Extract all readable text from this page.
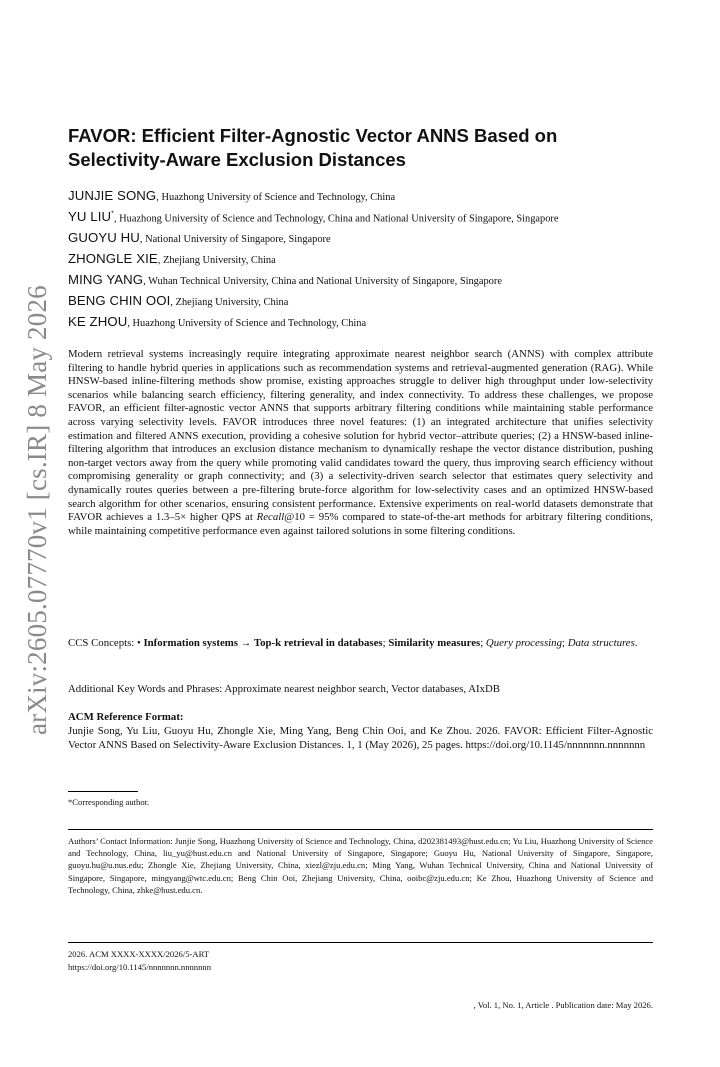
arXiv:2605.07770v1 [cs.IR] 8 May 2026
FAVOR: Efficient Filter-Agnostic Vector ANNS Based on Selectivity-Aware Exclusion Distances

JUNJIE SONG, Huazhong University of Science and Technology, China

YU LIU*, Huazhong University of Science and Technology, China and National University of Singapore, Singapore

GUOYU HU, National University of Singapore, Singapore

ZHONGLE XIE, Zhejiang University, China

MING YANG, Wuhan Technical University, China and National University of Singapore, Singapore

BENG CHIN OOI, Zhejiang University, China

KE ZHOU, Huazhong University of Science and Technology, China

Modern retrieval systems increasingly require integrating approximate nearest neighbor search (ANNS) with complex attribute filtering to handle hybrid queries in applications such as recommendation systems and retrieval-augmented generation (RAG). While HNSW-based inline-filtering methods show promise, existing approaches struggle to deliver high throughput under low-selectivity scenarios while balancing search efficiency, filtering generality, and index connectivity. To address these challenges, we propose FAVOR, an efficient filter-agnostic vector ANNS that supports arbitrary filtering conditions while maintaining stable performance across varying selectivity levels. FAVOR introduces three novel features: (1) an integrated architecture that unifies selectivity estimation and filtered ANNS execution, providing a cohesive solution for hybrid vector–attribute queries; (2) a HNSW-based inline-filtering algorithm that introduces an exclusion distance mechanism to dynamically reshape the vector distance distribution, pushing non-target vectors away from the query while promoting valid candidates toward the query, thus improving search efficiency without compromising generality or graph connectivity; and (3) a selectivity-driven search selector that estimates query selectivity and dynamically routes queries between a pre-filtering brute-force algorithm for low-selectivity cases and an optimized HNSW-based search algorithm for other scenarios, ensuring consistent performance. Extensive experiments on real-world datasets demonstrate that FAVOR achieves a 1.3–5× higher QPS at Recall@10 = 95% compared to state-of-the-art methods for arbitrary filtering conditions, while maintaining competitive performance even against tailored solutions in some filtering conditions.

CCS Concepts: • Information systems → Top-k retrieval in databases; Similarity measures; Query processing; Data structures.

Additional Key Words and Phrases: Approximate nearest neighbor search, Vector databases, AIxDB

ACM Reference Format:

Junjie Song, Yu Liu, Guoyu Hu, Zhongle Xie, Ming Yang, Beng Chin Ooi, and Ke Zhou. 2026. FAVOR: Efficient Filter-Agnostic Vector ANNS Based on Selectivity-Aware Exclusion Distances. 1, 1 (May 2026), 25 pages. https://doi.org/10.1145/nnnnnnn.nnnnnnn

*Corresponding author.

Authors’ Contact Information: Junjie Song, Huazhong University of Science and Technology, China, d202381493@hust.edu.cn; Yu Liu, Huazhong University of Science and Technology, China, liu_yu@hust.edu.cn and National University of Singapore, Singapore; Guoyu Hu, National University of Singapore, Singapore, guoyu.hu@u.nus.edu; Zhongle Xie, Zhejiang University, China, xiezl@zju.edu.cn; Ming Yang, Wuhan Technical University, China and National University of Singapore, Singapore, mingyang@wtc.edu.cn; Beng Chin Ooi, Zhejiang University, China, ooibc@zju.edu.cn; Ke Zhou, Huazhong University of Science and Technology, China, zhke@hust.edu.cn.

2026. ACM XXXX-XXXX/2026/5-ART
https://doi.org/10.1145/nnnnnnn.nnnnnnn

, Vol. 1, No. 1, Article . Publication date: May 2026.
